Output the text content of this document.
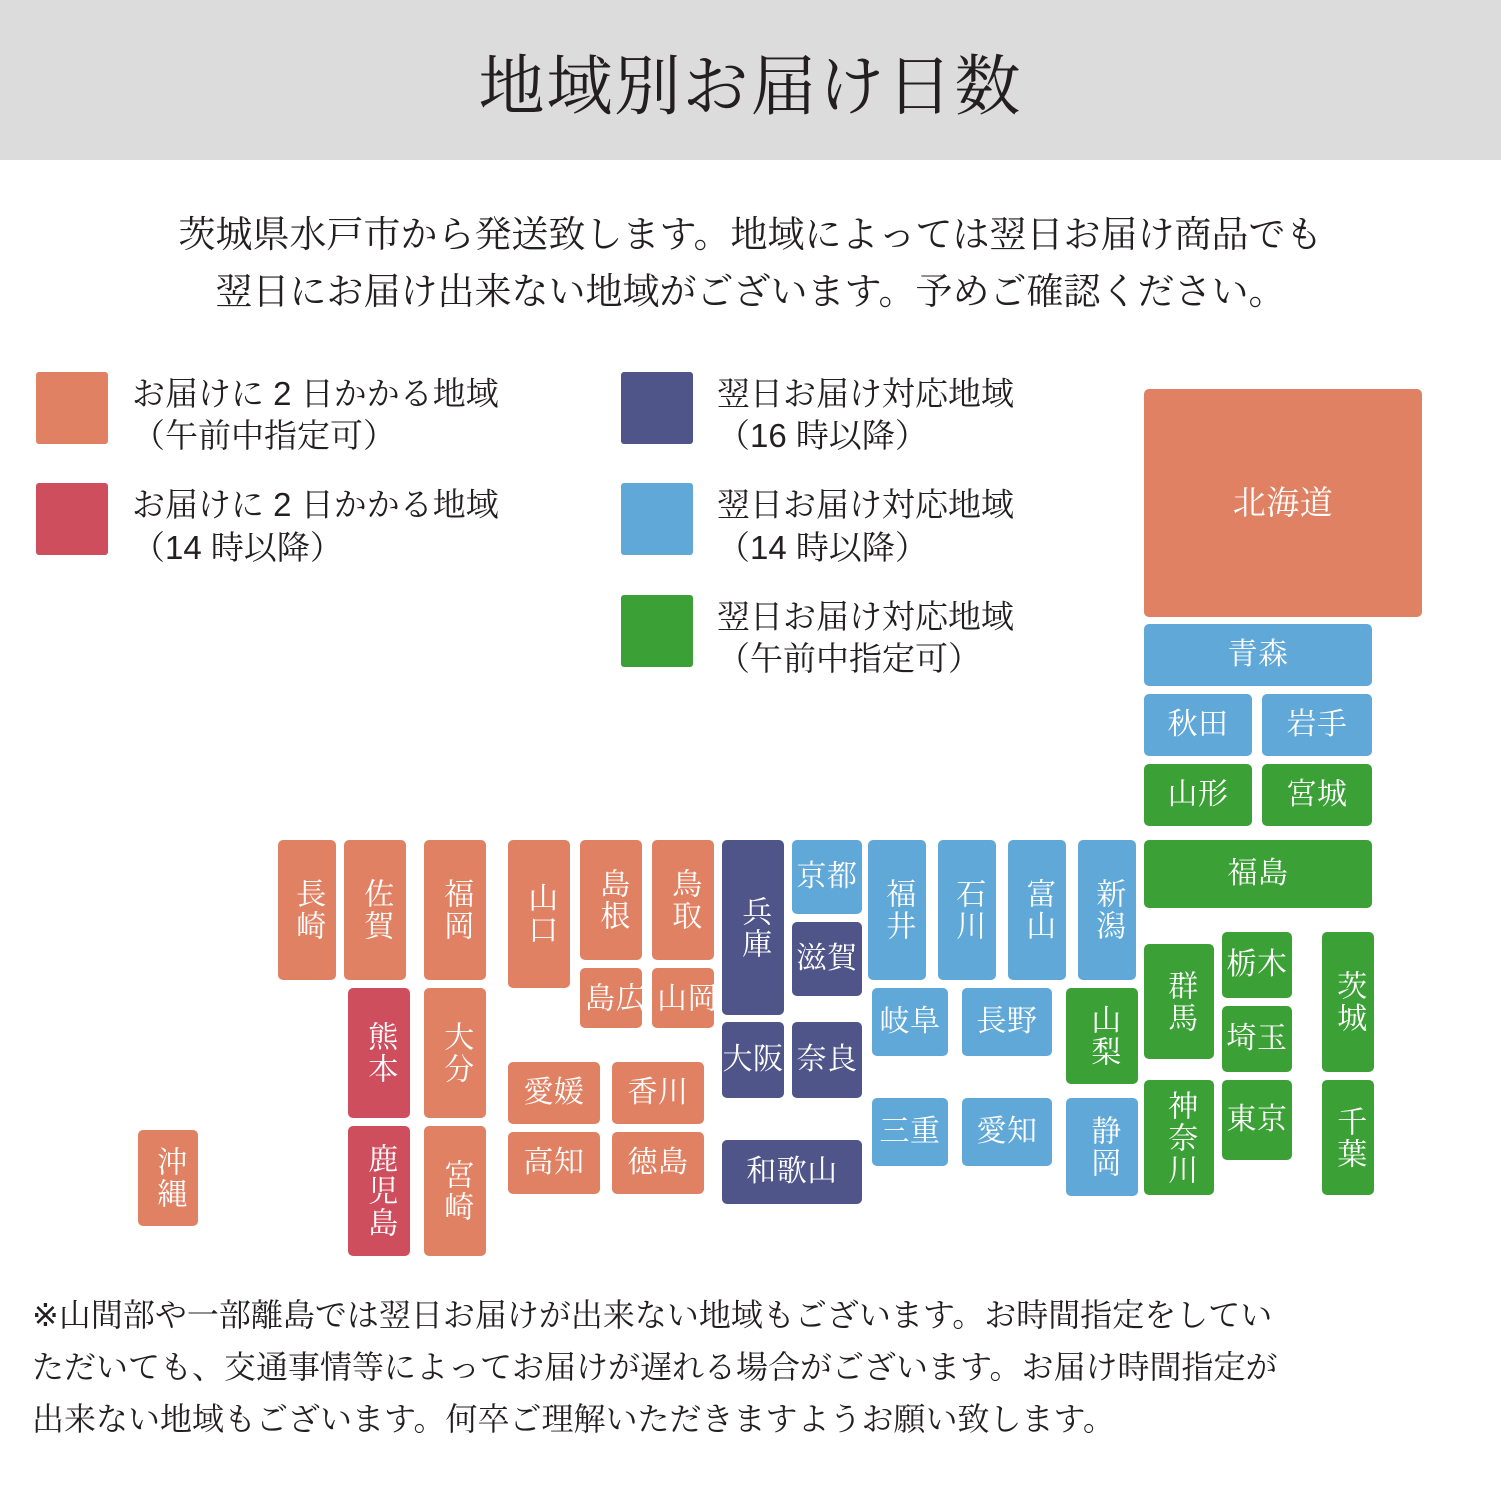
地域別お届け日数
茨城県水戸市から発送致します。地域によっては翌日お届け商品でも
翌日にお届け出来ない地域がございます。予めご確認ください。
お届けに 2 日かかる地域
（午前中指定可）
お届けに 2 日かかる地域
（14 時以降）
翌日お届け対応地域
（16 時以降）
翌日お届け対応地域
（14 時以降）
翌日お届け対応地域
（午前中指定可）
北海道
青森
秋田	岩手
山形	宮城
福島
群馬
栃木
埼玉
茨城
神奈川	東京	千葉
新潟
富山
石川
福井
山梨
長野
岐阜
静岡
愛知
三重
京都
滋賀
奈良
大阪
和歌山
兵庫
鳥取
岡山
島根
広島
山口
愛媛	香川
高知	徳島
福岡
佐賀
長崎
大分
熊本
宮崎
鹿児島
沖縄
※山間部や一部離島では翌日お届けが出来ない地域もございます。お時間指定をしてい
ただいても、交通事情等によってお届けが遅れる場合がございます。お届け時間指定が
出来ない地域もございます。何卒ご理解いただきますようお願い致します。
